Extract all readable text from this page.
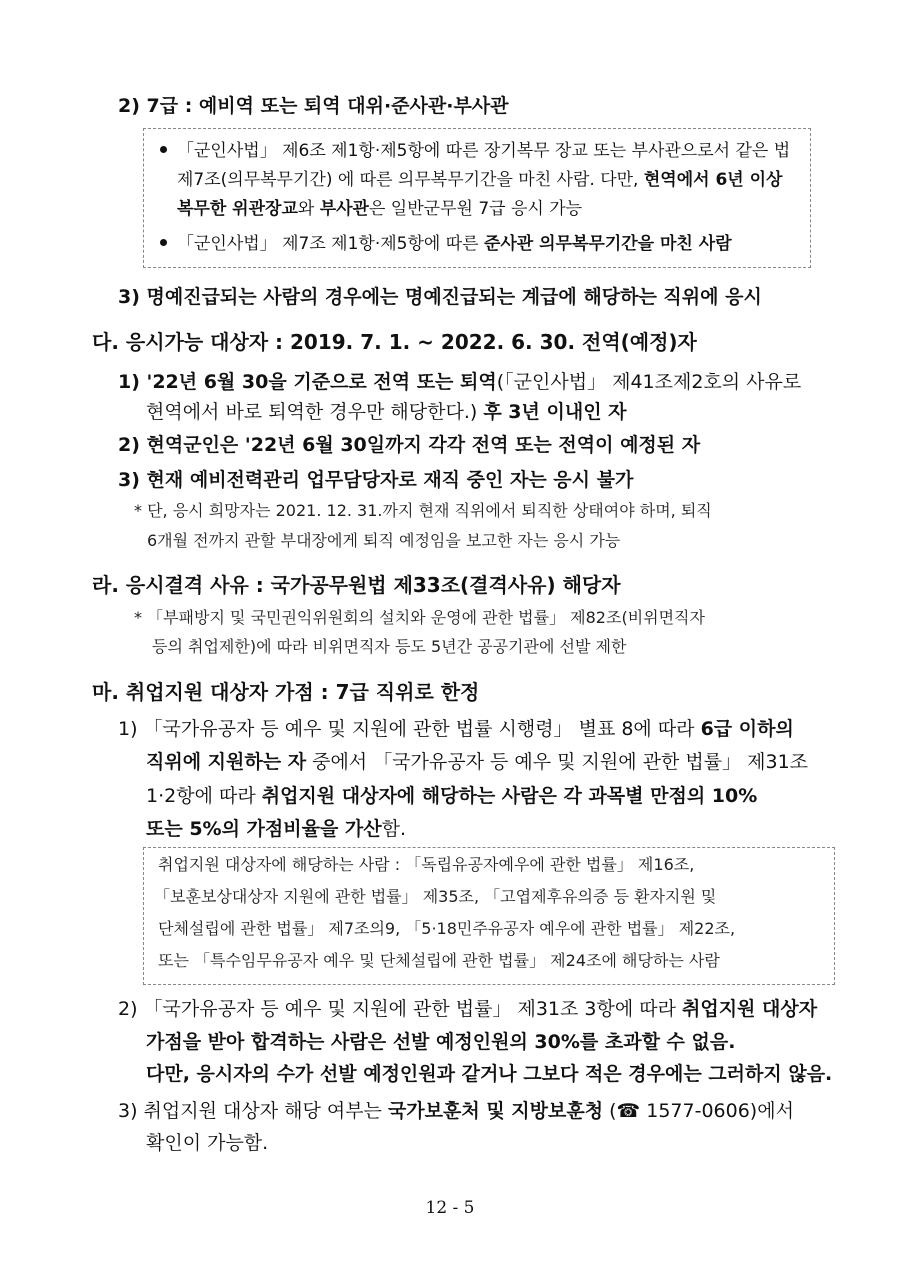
2) 7급 : 예비역 또는 퇴역 대위·준사관·부사관
「군인사법」 제6조 제1항·제5항에 따른 장기복무 장교 또는 부사관으로서 같은 법
제7조(의무복무기간) 에 따른 의무복무기간을 마친 사람. 다만, 현역에서 6년 이상
복무한 위관장교와 부사관은 일반군무원 7급 응시 가능
「군인사법」 제7조 제1항·제5항에 따른 준사관 의무복무기간을 마친 사람
3) 명예진급되는 사람의 경우에는 명예진급되는 계급에 해당하는 직위에 응시
다. 응시가능 대상자 : 2019. 7. 1. ~ 2022. 6. 30. 전역(예정)자
1) '22년 6월 30을 기준으로 전역 또는 퇴역(「군인사법」 제41조제2호의 사유로
현역에서 바로 퇴역한 경우만 해당한다.) 후 3년 이내인 자
2) 현역군인은 '22년 6월 30일까지 각각 전역 또는 전역이 예정된 자
3) 현재 예비전력관리 업무담당자로 재직 중인 자는 응시 불가
* 단, 응시 희망자는 2021. 12. 31.까지 현재 직위에서 퇴직한 상태여야 하며, 퇴직
6개월 전까지 관할 부대장에게 퇴직 예정임을 보고한 자는 응시 가능
라. 응시결격 사유 : 국가공무원법 제33조(결격사유) 해당자
* 「부패방지 및 국민권익위원회의 설치와 운영에 관한 법률」 제82조(비위면직자
등의 취업제한)에 따라 비위면직자 등도 5년간 공공기관에 선발 제한
마. 취업지원 대상자 가점 : 7급 직위로 한정
1) 「국가유공자 등 예우 및 지원에 관한 법률 시행령」 별표 8에 따라 6급 이하의
직위에 지원하는 자 중에서 「국가유공자 등 예우 및 지원에 관한 법률」 제31조
1·2항에 따라 취업지원 대상자에 해당하는 사람은 각 과목별 만점의 10%
또는 5%의 가점비율을 가산함.
취업지원 대상자에 해당하는 사람 : 「독립유공자예우에 관한 법률」 제16조,
「보훈보상대상자 지원에 관한 법률」 제35조, 「고엽제후유의증 등 환자지원 및
단체설립에 관한 법률」 제7조의9, 「5·18민주유공자 예우에 관한 법률」 제22조,
또는 「특수임무유공자 예우 및 단체설립에 관한 법률」 제24조에 해당하는 사람
2) 「국가유공자 등 예우 및 지원에 관한 법률」 제31조 3항에 따라 취업지원 대상자
가점을 받아 합격하는 사람은 선발 예정인원의 30%를 초과할 수 없음.
다만, 응시자의 수가 선발 예정인원과 같거나 그보다 적은 경우에는 그러하지 않음.
3) 취업지원 대상자 해당 여부는 국가보훈처 및 지방보훈청 (☎ 1577-0606)에서
확인이 가능함.
12 - 5
